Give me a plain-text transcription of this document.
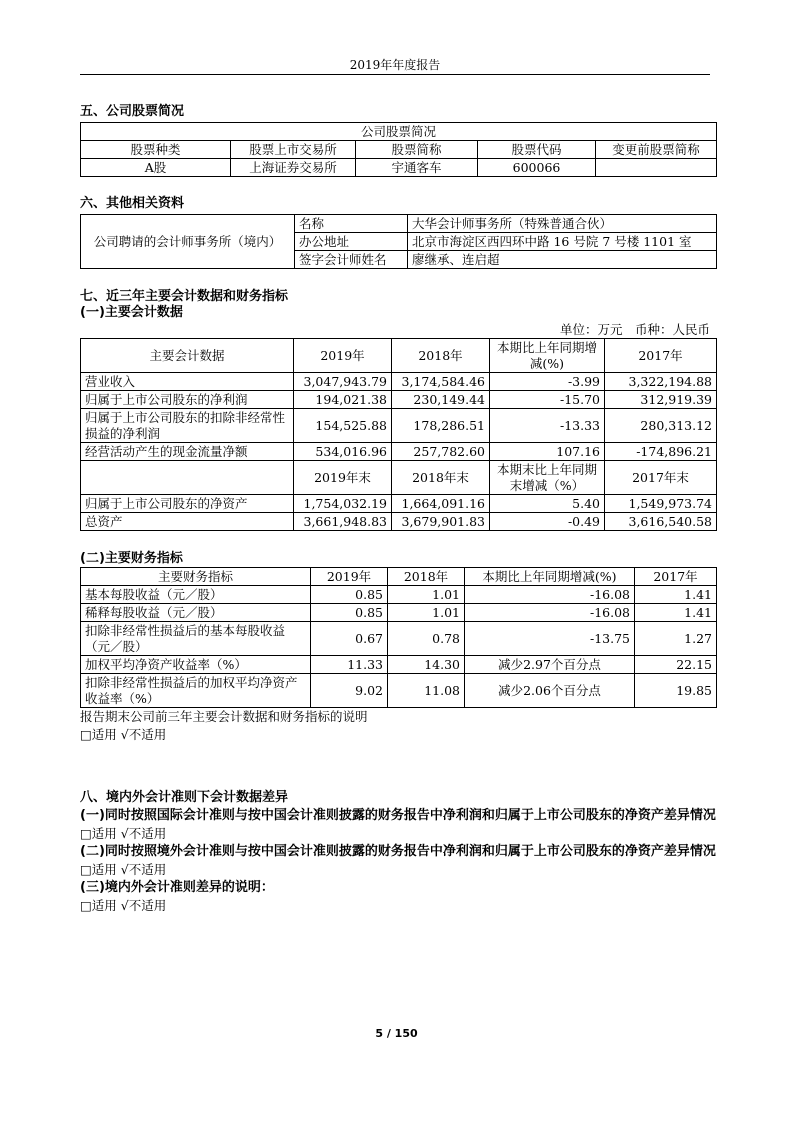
2019年年度报告
五、公司股票简况
公司股票简况				
股票种类	股票上市交易所	股票简称	股票代码	变更前股票简称
A股	上海证券交易所	宇通客车	600066	
六、其他相关资料
公司聘请的会计师事务所（境内）	名称	大华会计师事务所（特殊普通合伙）
	办公地址	北京市海淀区西四环中路 16 号院 7 号楼 1101 室
	签字会计师姓名	廖继承、连启超
七、近三年主要会计数据和财务指标
(一)主要会计数据
单位：万元　币种：人民币
主要会计数据	2019年	2018年	本期比上年同期增减(%)	2017年
营业收入	3,047,943.79	3,174,584.46	-3.99	3,322,194.88
归属于上市公司股东的净利润	194,021.38	230,149.44	-15.70	312,919.39
归属于上市公司股东的扣除非经常性损益的净利润	154,525.88	178,286.51	-13.33	280,313.12
经营活动产生的现金流量净额	534,016.96	257,782.60	107.16	-174,896.21
	2019年末	2018年末	本期末比上年同期末增减（%）	2017年末
归属于上市公司股东的净资产	1,754,032.19	1,664,091.16	5.40	1,549,973.74
总资产	3,661,948.83	3,679,901.83	-0.49	3,616,540.58
(二)主要财务指标
主要财务指标	2019年	2018年	本期比上年同期增减(%)	2017年
基本每股收益（元／股）	0.85	1.01	-16.08	1.41
稀释每股收益（元／股）	0.85	1.01	-16.08	1.41
扣除非经常性损益后的基本每股收益（元／股）	0.67	0.78	-13.75	1.27
加权平均净资产收益率（%）	11.33	14.30	减少2.97个百分点	22.15
扣除非经常性损益后的加权平均净资产收益率（%）	9.02	11.08	减少2.06个百分点	19.85
报告期末公司前三年主要会计数据和财务指标的说明
□适用 √不适用
八、境内外会计准则下会计数据差异
(一)同时按照国际会计准则与按中国会计准则披露的财务报告中净利润和归属于上市公司股东的净资产差异情况
□适用 √不适用
(二)同时按照境外会计准则与按中国会计准则披露的财务报告中净利润和归属于上市公司股东的净资产差异情况
□适用 √不适用
(三)境内外会计准则差异的说明：
□适用 √不适用
5 / 150
